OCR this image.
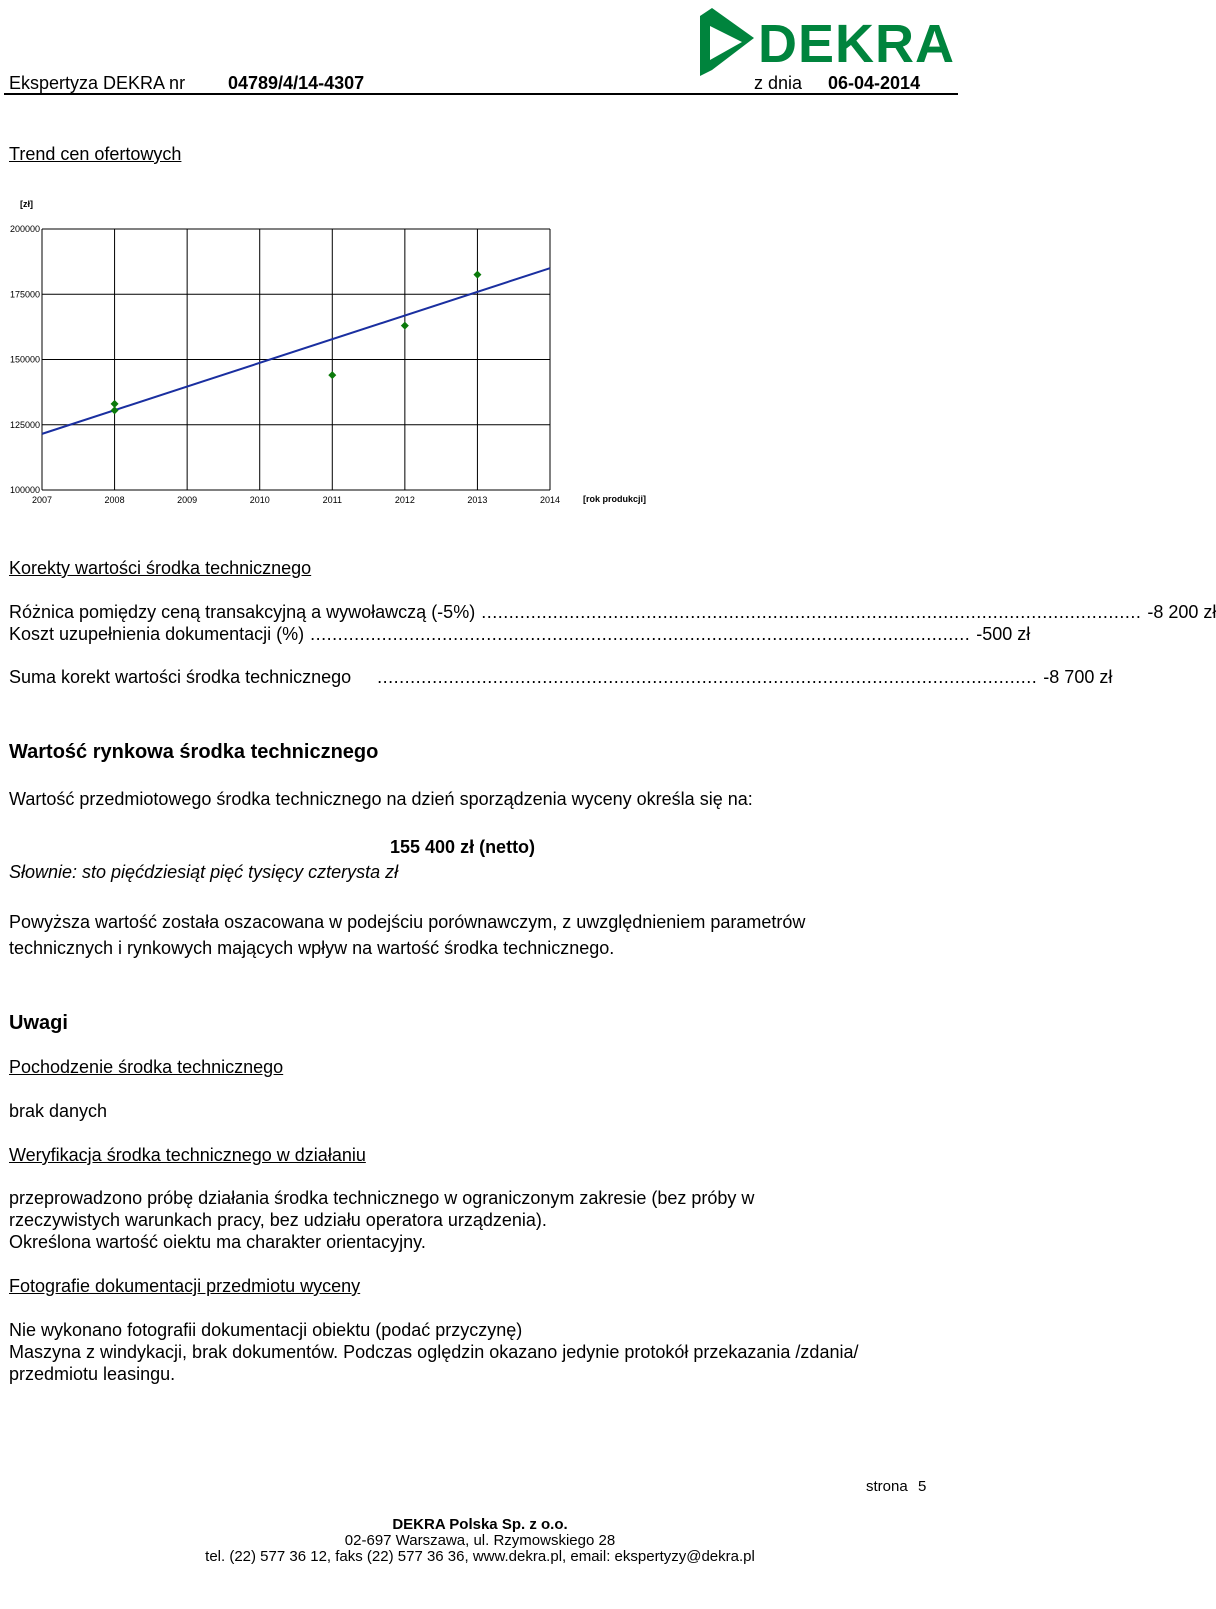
Ekspertyza DEKRA nr 04789/4/14-4307	z dnia 06-04-2014
DEKRA
Trend cen ofertowych
100000
125000
150000
175000
200000
2007	2008	2009	2010	2011	2012	2013	2014
[zł]
[rok produkcji]
Korekty wartości środka technicznego
Różnica pomiędzy ceną transakcyjną a wywoławczą (-5%) ........................................................................................................................ -8 200 zł
Koszt uzupełnienia dokumentacji (%) ........................................................................................................................ -500 zł
Suma korekt wartości środka technicznego	........................................................................................................................ -8 700 zł
Wartość rynkowa środka technicznego
Wartość przedmiotowego środka technicznego na dzień sporządzenia wyceny określa się na:
155 400 zł (netto)
Słownie: sto pięćdziesiąt pięć tysięcy czterysta zł
Powyższa wartość została oszacowana w podejściu porównawczym, z uwzględnieniem parametrów
technicznych i rynkowych mających wpływ na wartość środka technicznego.
Uwagi
Pochodzenie środka technicznego
brak danych
Weryfikacja środka technicznego w działaniu
przeprowadzono próbę działania środka technicznego w ograniczonym zakresie (bez próby w
rzeczywistych warunkach pracy, bez udziału operatora urządzenia).
Określona wartość oiektu ma charakter orientacyjny.
Fotografie dokumentacji przedmiotu wyceny
Nie wykonano fotografii dokumentacji obiektu (podać przyczynę)
Maszyna z windykacji, brak dokumentów. Podczas oględzin okazano jedynie protokół przekazania /zdania/
przedmiotu leasingu.
strona 5
DEKRA Polska Sp. z o.o.
02-697 Warszawa, ul. Rzymowskiego 28
tel. (22) 577 36 12, faks (22) 577 36 36, www.dekra.pl, email: ekspertyzy@dekra.pl
